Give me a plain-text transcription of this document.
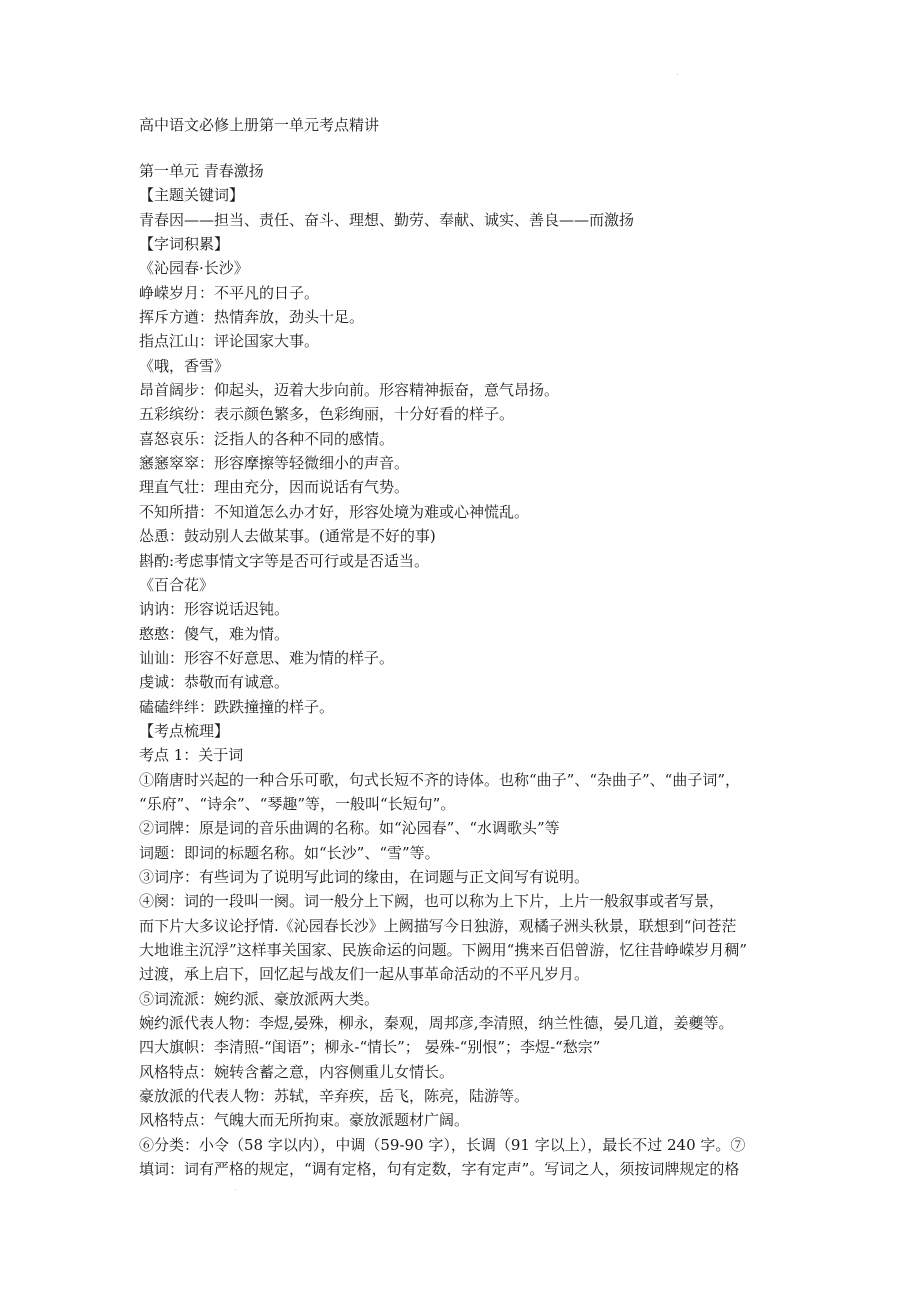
.
高中语文必修上册第一单元考点精讲
第一单元 青春激扬
【主题关键词】
青春因——担当、责任、奋斗、理想、勤劳、奉献、诚实、善良——而激扬
【字词积累】
《沁园春·长沙》
峥嵘岁月：不平凡的日子。
挥斥方遒：热情奔放，劲头十足。
指点江山：评论国家大事。
《哦，香雪》
昂首阔步：仰起头，迈着大步向前。形容精神振奋，意气昂扬。
五彩缤纷：表示颜色繁多，色彩绚丽，十分好看的样子。
喜怒哀乐：泛指人的各种不同的感情。
窸窸窣窣：形容摩擦等轻微细小的声音。
理直气壮：理由充分，因而说话有气势。
不知所措：不知道怎么办才好，形容处境为难或心神慌乱。
怂恿：鼓动别人去做某事。(通常是不好的事)
斟酌:考虑事情文字等是否可行或是否适当。
《百合花》
讷讷：形容说话迟钝。
憨憨：傻气，难为情。
讪讪：形容不好意思、难为情的样子。
虔诚：恭敬而有诚意。
磕磕绊绊：跌跌撞撞的样子。
【考点梳理】
考点 1：关于词
①隋唐时兴起的一种合乐可歌，句式长短不齐的诗体。也称“曲子”、“杂曲子”、“曲子词”，
“乐府”、“诗余”、“琴趣”等，一般叫“长短句”。
②词牌：原是词的音乐曲调的名称。如“沁园春”、“水调歌头”等
词题：即词的标题名称。如“长沙”、“雪”等。
③词序：有些词为了说明写此词的缘由，在词题与正文间写有说明。
④阕：词的一段叫一阕。词一般分上下阙，也可以称为上下片，上片一般叙事或者写景，
而下片大多议论抒情.《沁园春长沙》上阙描写今日独游，观橘子洲头秋景，联想到“问苍茫
大地谁主沉浮”这样事关国家、民族命运的问题。下阙用“携来百侣曾游，忆往昔峥嵘岁月稠”
过渡，承上启下，回忆起与战友们一起从事革命活动的不平凡岁月。
⑤词流派：婉约派、豪放派两大类。
婉约派代表人物：李煜,晏殊，柳永，秦观，周邦彦,李清照，纳兰性德，晏几道，姜夔等。
四大旗帜：李清照-“闺语”；柳永-“情长”； 晏殊-“别恨”；李煜-“愁宗”
风格特点：婉转含蓄之意，内容侧重儿女情长。
豪放派的代表人物：苏轼，辛弃疾，岳飞，陈亮，陆游等。
风格特点：气魄大而无所拘束。豪放派题材广阔。
⑥分类：小令（58 字以内），中调（59-90 字），长调（91 字以上），最长不过 240 字。⑦
填词：词有严格的规定，“调有定格，句有定数，字有定声”。写词之人，须按词牌规定的格
.
